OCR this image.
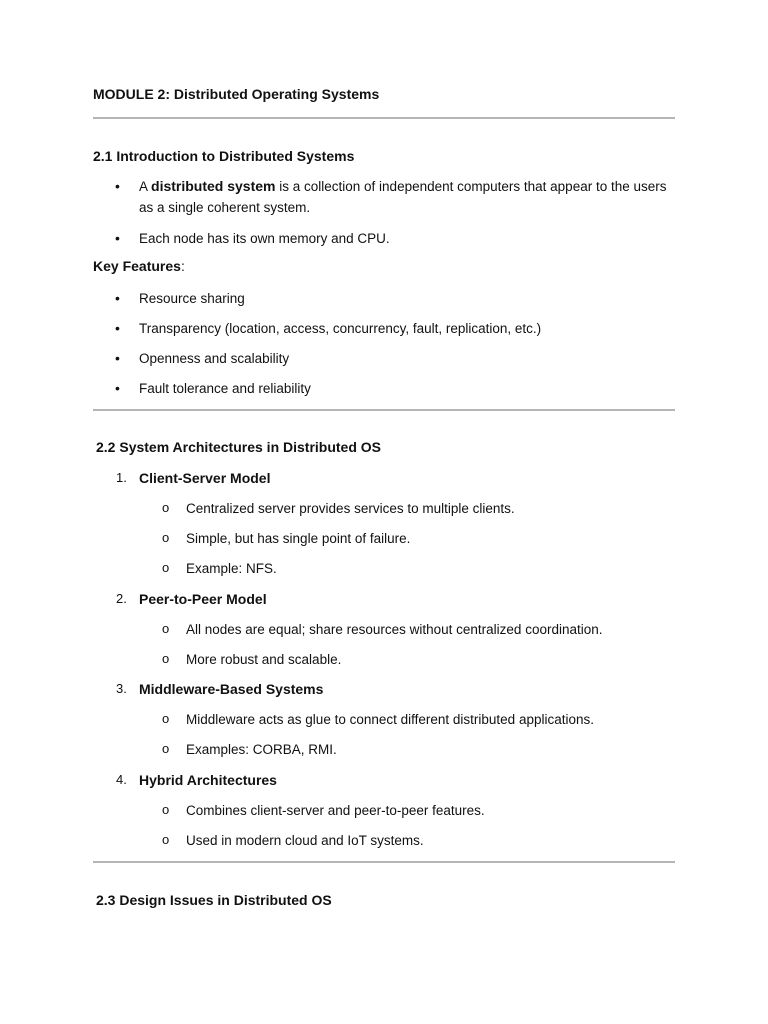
MODULE 2: Distributed Operating Systems
2.1 Introduction to Distributed Systems
• A distributed system is a collection of independent computers that appear to the users as a single coherent system.
• Each node has its own memory and CPU.
Key Features:
• Resource sharing
• Transparency (location, access, concurrency, fault, replication, etc.)
• Openness and scalability
• Fault tolerance and reliability
2.2 System Architectures in Distributed OS
1. Client-Server Model
o Centralized server provides services to multiple clients.
o Simple, but has single point of failure.
o Example: NFS.
2. Peer-to-Peer Model
o All nodes are equal; share resources without centralized coordination.
o More robust and scalable.
3. Middleware-Based Systems
o Middleware acts as glue to connect different distributed applications.
o Examples: CORBA, RMI.
4. Hybrid Architectures
o Combines client-server and peer-to-peer features.
o Used in modern cloud and IoT systems.
2.3 Design Issues in Distributed OS
